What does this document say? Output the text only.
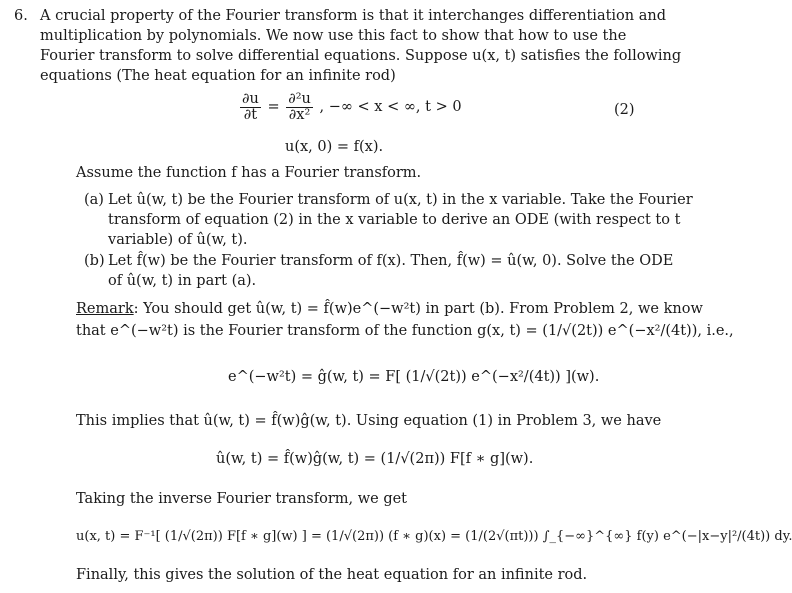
6. A crucial property of the Fourier transform is that it interchanges differentiation and
multiplication by polynomials. We now use this fact to show that how to use the
Fourier transform to solve differential equations. Suppose u(x, t) satisfies the following
equations (The heat equation for an infinite rod)
$\frac{\partial u}{\partial t} = \frac{\text{∂²u}}{\text{∂x²}}$ , −∞ < x < ∞, t > 0	(2)
u(x, 0) = f(x).
Assume the function f has a Fourier transform.
(a) Let û(w, t) be the Fourier transform of u(x, t) in the x variable. Take the Fourier
transform of equation (2) in the x variable to derive an ODE (with respect to t
variable) of û(w, t).
(b) Let f̂(w) be the Fourier transform of f(x). Then, f̂(w) = û(w, 0). Solve the ODE
of û(w, t) in part (a).
Remark: You should get û(w, t) = f̂(w)e^(−w²t) in part (b). From Problem 2, we know
that e^(−w²t) is the Fourier transform of the function g(x, t) = (1/√(2t)) e^(−x²/(4t)), i.e.,
e^(−w²t) = ĝ(w, t) = F[ (1/√(2t)) e^(−x²/(4t)) ](w).
This implies that û(w, t) = f̂(w)ĝ(w, t). Using equation (1) in Problem 3, we have
û(w, t) = f̂(w)ĝ(w, t) = (1/√(2π)) F[f ∗ g](w).
Taking the inverse Fourier transform, we get
u(x, t) = F⁻¹[ (1/√(2π)) F[f ∗ g](w) ] = (1/√(2π)) (f ∗ g)(x) = (1/(2√(πt))) ∫_{−∞}^{∞} f(y) e^(−|x−y|²/(4t)) dy.
Finally, this gives the solution of the heat equation for an infinite rod.
